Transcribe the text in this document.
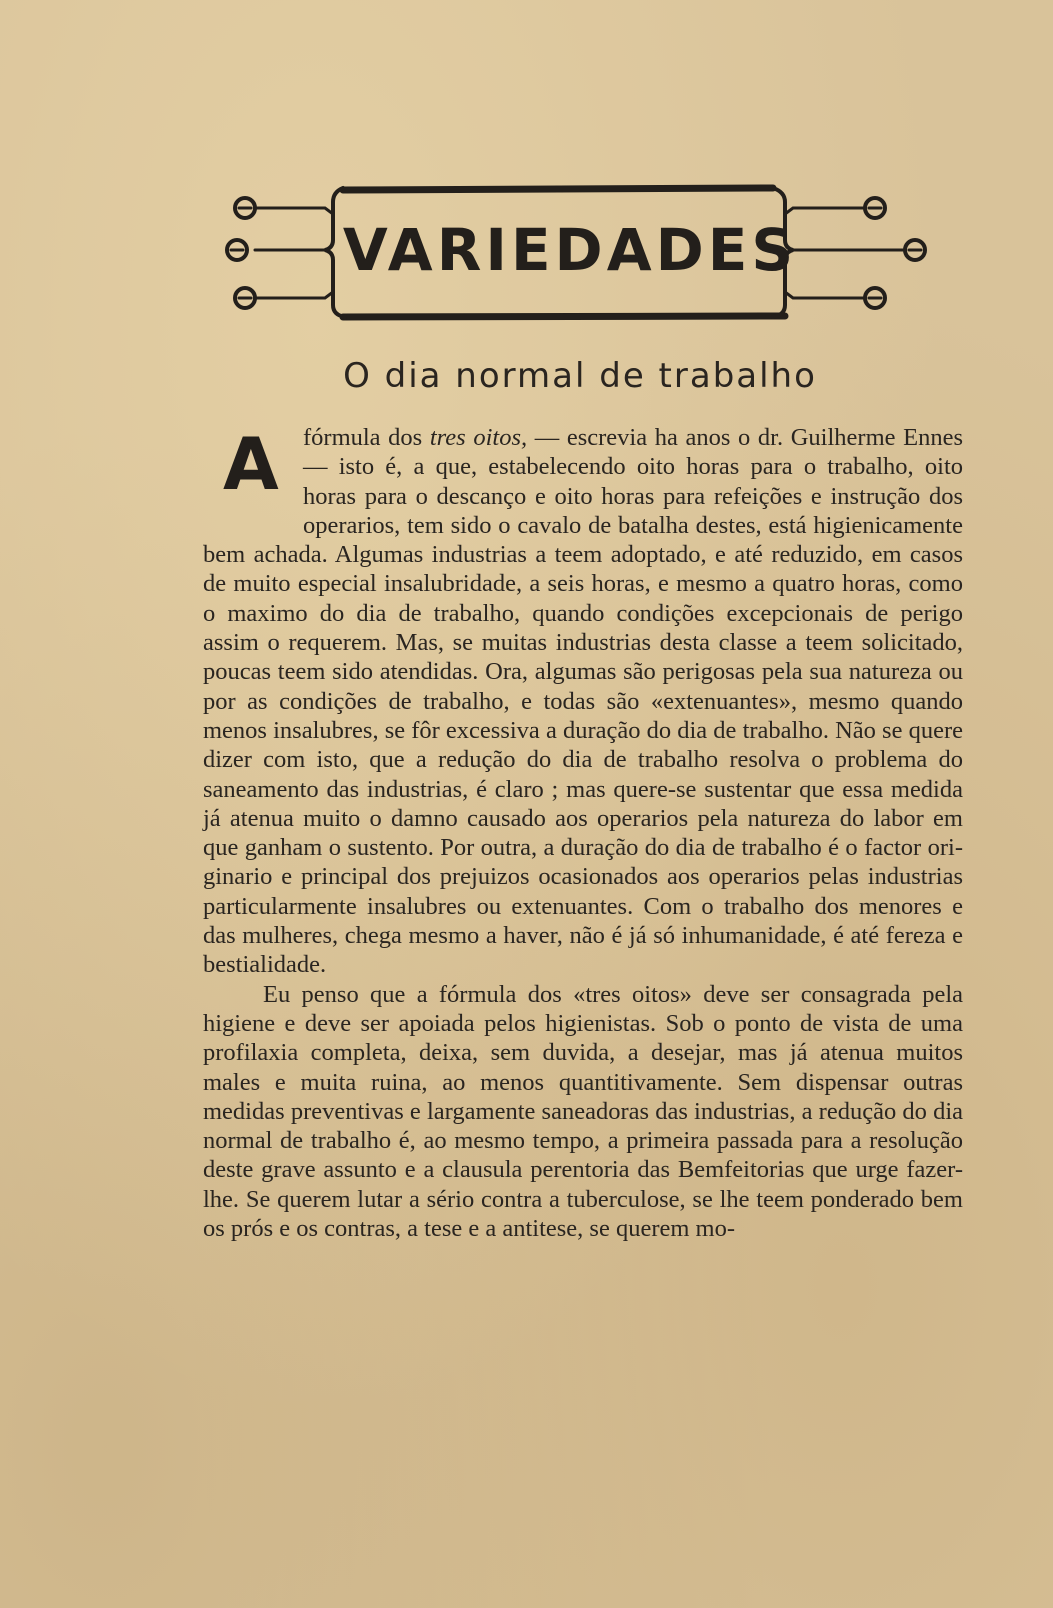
VARIEDADES
O dia normal de trabalho

Afórmula dos tres oitos, — escrevia ha anos o dr. Guilherme Ennes — isto é, a que, estabelecendo oito horas para o trabalho, oito horas para o descanço e oito horas para refeições e instrução dos operarios, tem sido o cavalo de batalha destes, está higienicamente bem achada. Algumas industrias a teem adoptado, e até reduzido, em casos de muito especial insalubridade, a seis horas, e mesmo a quatro horas, como o maximo do dia de trabalho, quando condições excepcionais de perigo assim o requerem. Mas, se muitas industrias desta classe a teem solicitado, poucas teem sido atendidas. Ora, algumas são perigosas pela sua natureza ou por as condições de trabalho, e todas são «extenuantes», mesmo quando menos insalubres, se fôr excessiva a duração do dia de trabalho. Não se quere dizer com isto, que a redução do dia de trabalho resolva o problema do saneamento das industrias, é claro ; mas quere-se sustentar que essa medida já atenua muito o damno causado aos operarios pela natureza do labor em que ganham o sustento. Por outra, a duração do dia de trabalho é o factor originario e principal dos prejuizos ocasionados aos operarios pelas industrias particularmente insalubres ou extenuantes. Com o trabalho dos menores e das mulheres, chega mesmo a haver, não é já só inhumanidade, é até fereza e bestialidade.

Eu penso que a fórmula dos «tres oitos» deve ser consagrada pela higiene e deve ser apoiada pelos higienistas. Sob o ponto de vista de uma profilaxia completa, deixa, sem duvida, a desejar, mas já atenua muitos males e muita ruina, ao menos quantitivamente. Sem dispensar outras medidas preventivas e largamente saneadoras das industrias, a redução do dia normal de trabalho é, ao mesmo tempo, a primeira passada para a resolução deste grave assunto e a clausula perentoria das Bemfeitorias que urge fazer-lhe. Se querem lutar a sério contra a tuberculose, se lhe teem ponderado bem os prós e os contras, a tese e a antitese, se querem mo-
